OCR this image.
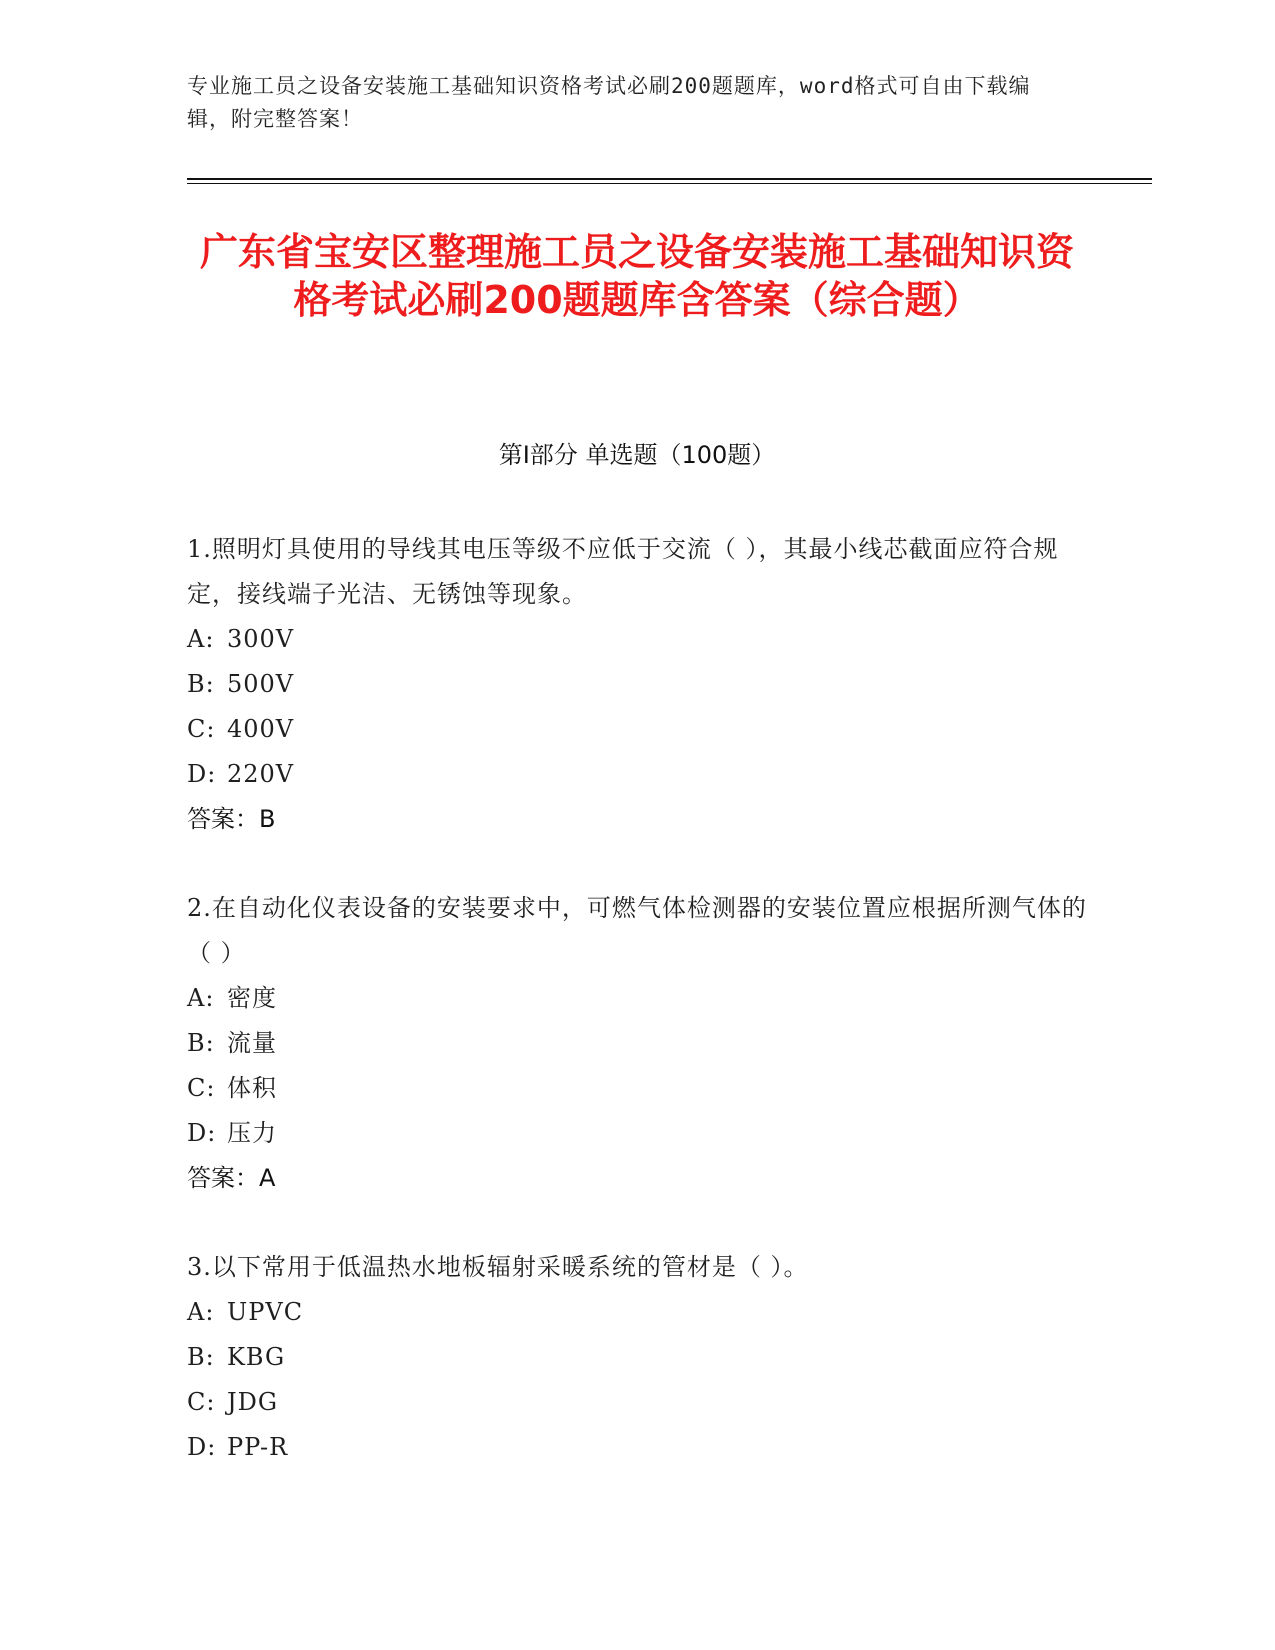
专业施工员之设备安装施工基础知识资格考试必刷200题题库，word格式可自由下载编辑，附完整答案！
广东省宝安区整理施工员之设备安装施工基础知识资格考试必刷200题题库含答案（综合题）
第Ⅰ部分 单选题（100题）
1.照明灯具使用的导线其电压等级不应低于交流（ ），其最小线芯截面应符合规定，接线端子光洁、无锈蚀等现象。
A: 300V
B: 500V
C: 400V
D: 220V
答案：B
2.在自动化仪表设备的安装要求中，可燃气体检测器的安装位置应根据所测气体的（ ）
A: 密度
B: 流量
C: 体积
D: 压力
答案：A
3.以下常用于低温热水地板辐射采暖系统的管材是（ ）。
A: UPVC
B: KBG
C: JDG
D: PP-R
